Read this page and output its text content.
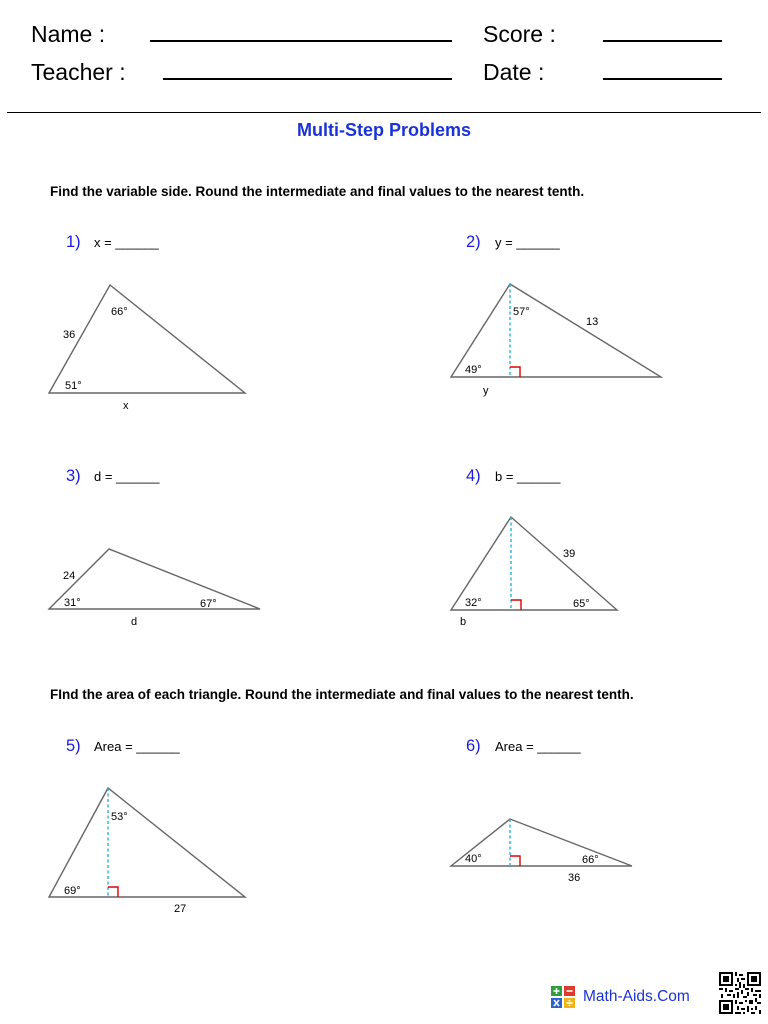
Name :
Teacher :
Score :
Date :
Multi-Step Problems
Find the variable side. Round the intermediate and final values to the nearest tenth.
1) x = ______
66°
36
51°
x
2) y = ______
57°
13
49°
y
3) d = ______
24
31°	67°
d
4) b = ______
39
32°	65°
b
FInd the area of each triangle. Round the intermediate and final values to the nearest tenth.
5) Area = ______
53°
69°
27
6) Area = ______
40°	66°
36
Math-Aids.Com
